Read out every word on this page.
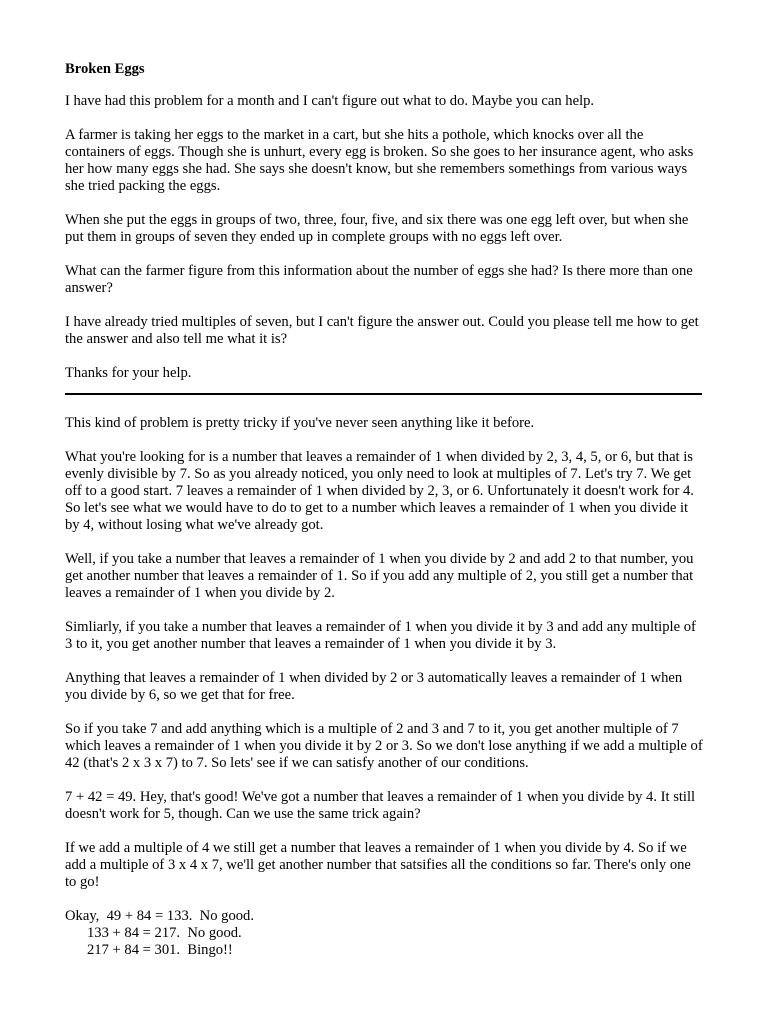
Broken Eggs

I have had this problem for a month and I can't figure out what to do. Maybe you can help.

A farmer is taking her eggs to the market in a cart, but she hits a pothole, which knocks over all the containers of eggs. Though she is unhurt, every egg is broken. So she goes to her insurance agent, who asks her how many eggs she had. She says she doesn't know, but she remembers somethings from various ways she tried packing the eggs.

When she put the eggs in groups of two, three, four, five, and six there was one egg left over, but when she put them in groups of seven they ended up in complete groups with no eggs left over.

What can the farmer figure from this information about the number of eggs she had? Is there more than one answer?

I have already tried multiples of seven, but I can't figure the answer out. Could you please tell me how to get the answer and also tell me what it is?

Thanks for your help.

This kind of problem is pretty tricky if you've never seen anything like it before.

What you're looking for is a number that leaves a remainder of 1 when divided by 2, 3, 4, 5, or 6, but that is evenly divisible by 7. So as you already noticed, you only need to look at multiples of 7. Let's try 7. We get off to a good start. 7 leaves a remainder of 1 when divided by 2, 3, or 6. Unfortunately it doesn't work for 4. So let's see what we would have to do to get to a number which leaves a remainder of 1 when you divide it by 4, without losing what we've already got.

Well, if you take a number that leaves a remainder of 1 when you divide by 2 and add 2 to that number, you get another number that leaves a remainder of 1. So if you add any multiple of 2, you still get a number that leaves a remainder of 1 when you divide by 2.

Simliarly, if you take a number that leaves a remainder of 1 when you divide it by 3 and add any multiple of 3 to it, you get another number that leaves a remainder of 1 when you divide it by 3.

Anything that leaves a remainder of 1 when divided by 2 or 3 automatically leaves a remainder of 1 when you divide by 6, so we get that for free.

So if you take 7 and add anything which is a multiple of 2 and 3 and 7 to it, you get another multiple of 7 which leaves a remainder of 1 when you divide it by 2 or 3. So we don't lose anything if we add a multiple of 42 (that's 2 x 3 x 7) to 7. So lets' see if we can satisfy another of our conditions.

7 + 42 = 49. Hey, that's good! We've got a number that leaves a remainder of 1 when you divide by 4. It still doesn't work for 5, though. Can we use the same trick again?

If we add a multiple of 4 we still get a number that leaves a remainder of 1 when you divide by 4. So if we add a multiple of 3 x 4 x 7, we'll get another number that satsifies all the conditions so far. There's only one to go!

Okay,  49 + 84 = 133.  No good.
133 + 84 = 217.  No good.
217 + 84 = 301.  Bingo!!
